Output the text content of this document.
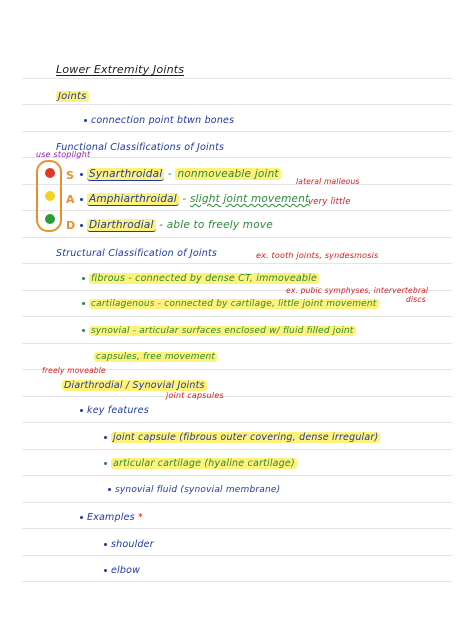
Lower Extremity Joints
Joints
connection point btwn bones
Functional Classifications of Joints
use stoplight
S
A
D
Synarthroidal - nonmoveable joint
lateral malleous
Amphiarthroidal - slight joint movement
very little
Diarthrodial - able to freely move
Structural Classification of Joints	ex. tooth joints, syndesmosis
fibrous - connected by dense CT, immoveable
ex. pubic symphyses, intervertebral
discs
cartilagenous - connected by cartilage, little joint movement
synovial - articular surfaces enclosed w/ fluid filled joint
capsules, free movement
freely moveable
Diarthrodial / Synovial Joints
joint capsules
key features
joint capsule (fibrous outer covering, dense irregular)
articular cartilage (hyaline cartilage)
synovial fluid (synovial membrane)
Examples *
shoulder
elbow
